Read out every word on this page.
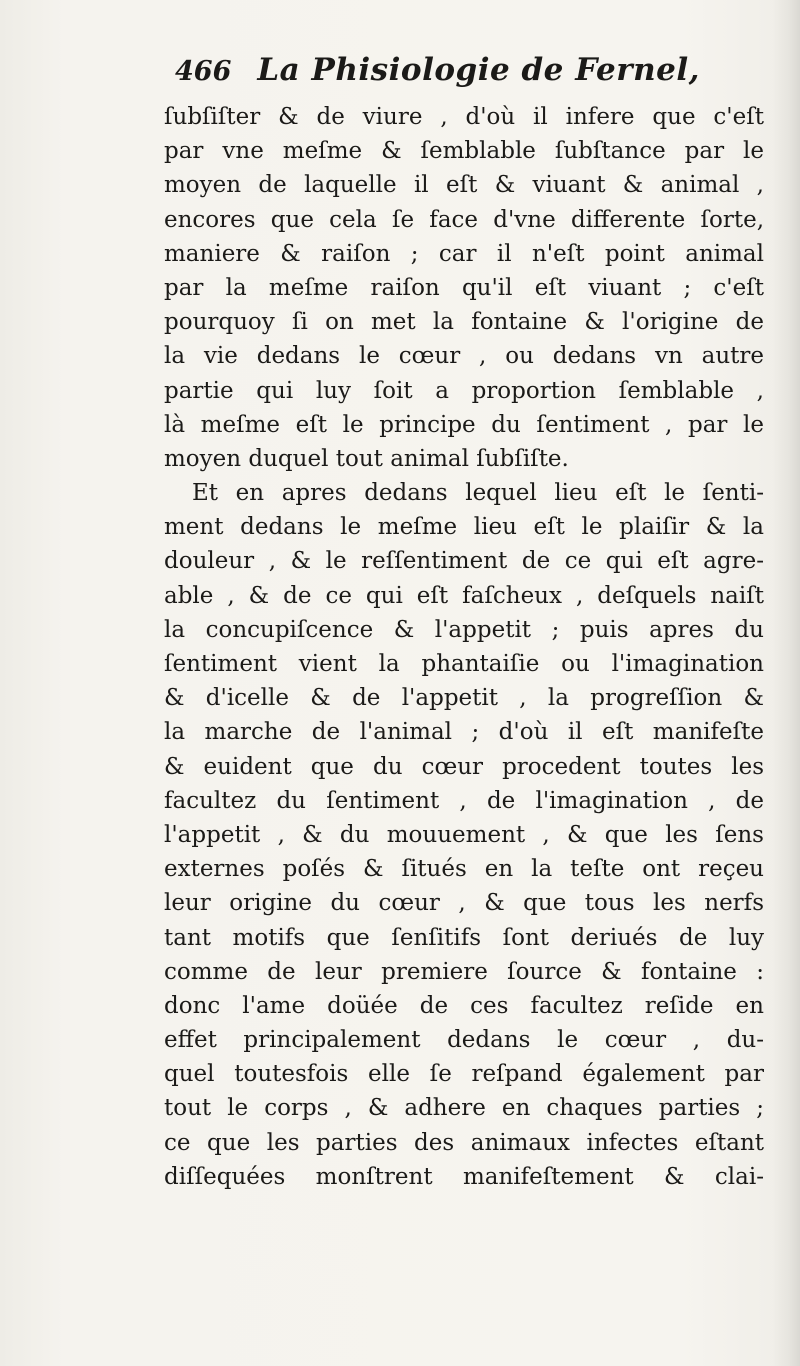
466 La Phisiologie de Fernel,
ſubſiſter & de viure , d'où il infere que c'eſt
par vne meſme & ſemblable ſubſtance par le
moyen de laquelle il eſt & viuant & animal ,
encores que cela ſe face d'vne differente ſorte,
maniere & raiſon ; car il n'eſt point animal
par la meſme raiſon qu'il eſt viuant ; c'eſt
pourquoy ſi on met la fontaine & l'origine de
la vie dedans le cœur , ou dedans vn autre
partie qui luy ſoit a proportion ſemblable ,
là meſme eſt le principe du ſentiment , par le
moyen duquel tout animal ſubſiſte.
Et en apres dedans lequel lieu eſt le ſenti-
ment dedans le meſme lieu eſt le plaiſir & la
douleur , & le reſſentiment de ce qui eſt agre-
able , & de ce qui eſt faſcheux , deſquels naiſt
la concupiſcence & l'appetit ; puis apres du
ſentiment vient la phantaiſie ou l'imagination
& d'icelle & de l'appetit , la progreſſion &
la marche de l'animal ; d'où il eſt manifeſte
& euident que du cœur procedent toutes les
facultez du ſentiment , de l'imagination , de
l'appetit , & du mouuement , & que les ſens
externes poſés & ſitués en la teſte ont reçeu
leur origine du cœur , & que tous les nerfs
tant motifs que ſenſitifs ſont deriués de luy
comme de leur premiere ſource & fontaine :
donc l'ame doüée de ces facultez reſide en
effet principalement dedans le cœur , du-
quel toutesfois elle ſe reſpand également par
tout le corps , & adhere en chaques parties ;
ce que les parties des animaux infectes eſtant
diſſequées monſtrent manifeſtement & clai-
